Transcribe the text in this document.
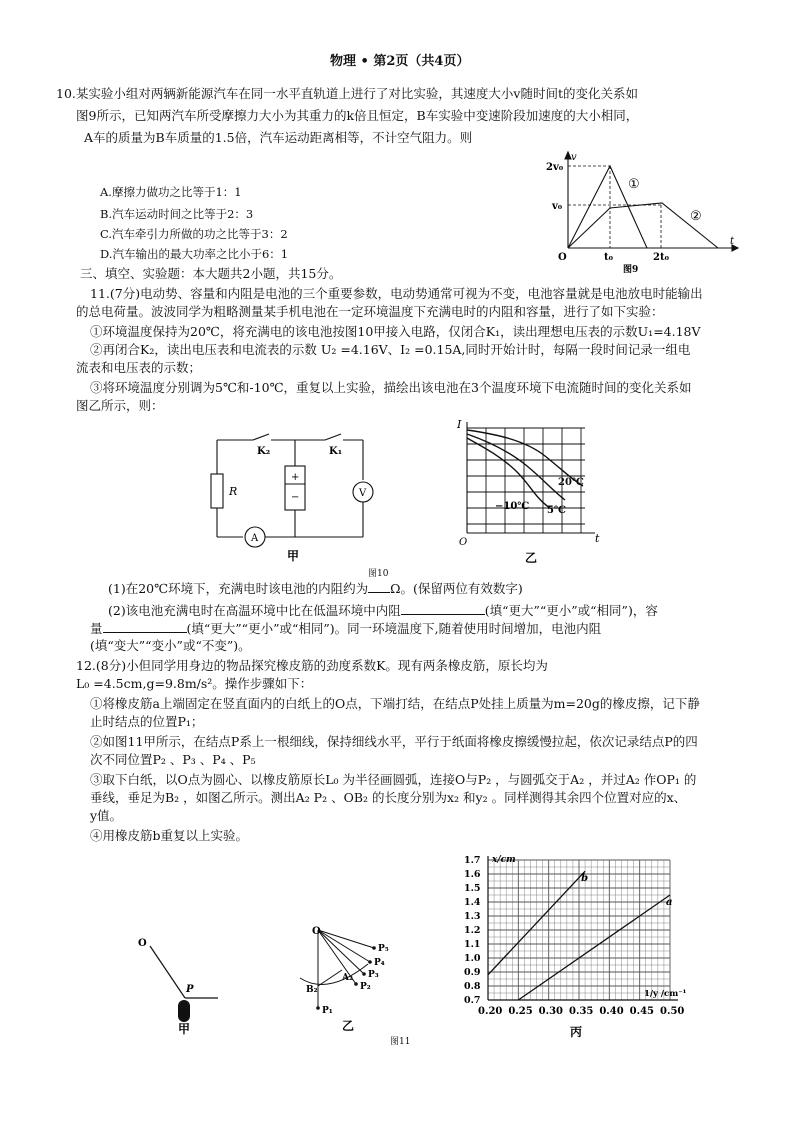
物理 • 第2页（共4页）
10.某实验小组对两辆新能源汽车在同一水平直轨道上进行了对比实验，其速度大小v随时间t的变化关系如
图9所示，已知两汽车所受摩擦力大小为其重力的k倍且恒定，B车实验中变速阶段加速度的大小相同，
A车的质量为B车质量的1.5倍，汽车运动距离相等，不计空气阻力。则
A.摩擦力做功之比等于1：1
B.汽车运动时间之比等于2：3
C.汽车牵引力所做的功之比等于3：2
D.汽车输出的最大功率之比小于6：1
2v₀
v₀
v
t
O	t₀	2t₀
①
②
图9
三、填空、实验题：本大题共2小题，共15分。
11.(7分)电动势、容量和内阻是电池的三个重要参数，电动势通常可视为不变，电池容量就是电池放电时能输出
的总电荷量。波波同学为粗略测量某手机电池在一定环境温度下充满电时的内阻和容量，进行了如下实验：
①环境温度保持为20℃，将充满电的该电池按图10甲接入电路，仅闭合K₁，读出理想电压表的示数U₁=4.18V
②再闭合K₂，读出电压表和电流表的示数 U₂ =4.16V、I₂ =0.15A,同时开始计时，每隔一段时间记录一组电
流表和电压表的示数；
③将环境温度分别调为5℃和-10℃，重复以上实验，描绘出该电池在3个温度环境下电流随时间的变化关系如
图乙所示，则：
K₂	K₁
R
+
−	V
A
甲
I
t
O
20℃
−10℃ 5℃
乙
图10
(1)在20℃环境下，充满电时该电池的内阻约为 Ω。(保留两位有效数字)
(2)该电池充满电时在高温环境中比在低温环境中内阻	(填“更大”“更小”或“相同”)，容
量	(填“更大”“更小”或“相同”)。同一环境温度下,随着使用时间增加，电池内阻
(填“变大”“变小”或“不变”)。
12.(8分)小但同学用身边的物品探究橡皮筋的劲度系数K。现有两条橡皮筋，原长均为
L₀ =4.5cm,g=9.8m/s²。操作步骤如下：
①将橡皮筋a上端固定在竖直面内的白纸上的O点，下端打结，在结点P处挂上质量为m=20g的橡皮擦，记下静
止时结点的位置P₁；
②如图11甲所示，在结点P系上一根细线，保持细线水平，平行于纸面将橡皮擦缓慢拉起，依次记录结点P的四
次不同位置P₂ 、P₃ 、P₄ 、P₅
③取下白纸，以O点为圆心、以橡皮筋原长L₀ 为半径画圆弧，连接O与P₂ ，与圆弧交于A₂ ，并过A₂ 作OP₁ 的
垂线，垂足为B₂ ，如图乙所示。测出A₂ P₂ 、OB₂ 的长度分别为x₂ 和y₂ 。同样测得其余四个位置对应的x、
y值。
④用橡皮筋b重复以上实验。
O
P
甲
O
P₅
P₄
P₃
P₂
P₁
A₂
B₂
乙
0.20 0.25 0.30 0.35 0.40 0.45 0.50
0.7
0.8
0.9
1.0
1.1
1.2
1.3
1.4
1.5
1.6
1.7 x/cm
1/y /cm⁻¹
b
a
丙
图11
